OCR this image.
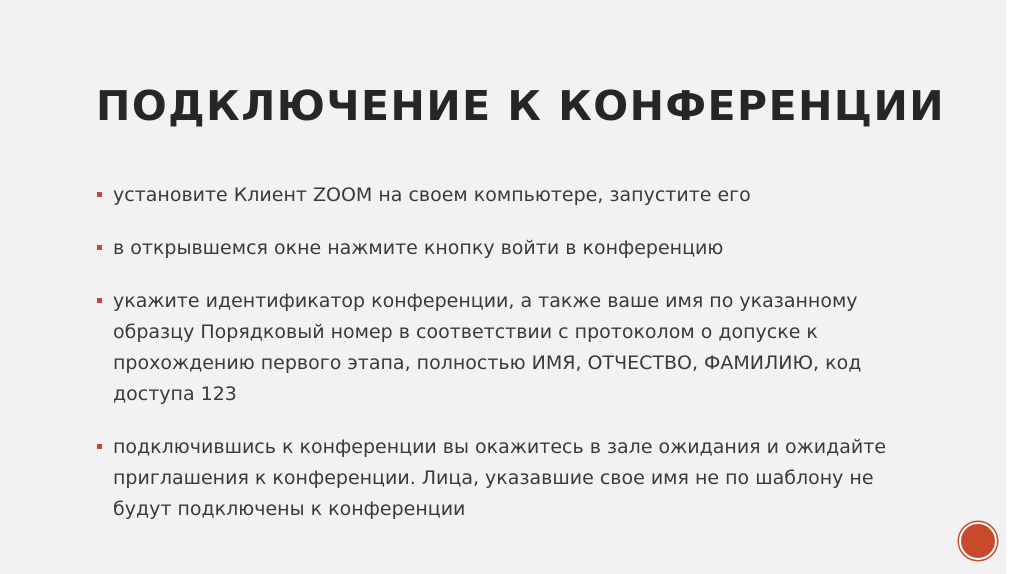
ПОДКЛЮЧЕНИЕ К КОНФЕРЕНЦИИ
установите Клиент ZOOM на своем компьютере, запустите его
в открывшемся окне нажмите кнопку войти в конференцию
укажите идентификатор конференции, а также ваше имя по указанному образцу Порядковый номер в соответствии с протоколом о допуске к прохождению первого этапа, полностью ИМЯ, ОТЧЕСТВО, ФАМИЛИЮ, код доступа 123
подключившись к конференции вы окажитесь в зале ожидания и ожидайте приглашения к конференции. Лица, указавшие свое имя не по шаблону не будут подключены к конференции
